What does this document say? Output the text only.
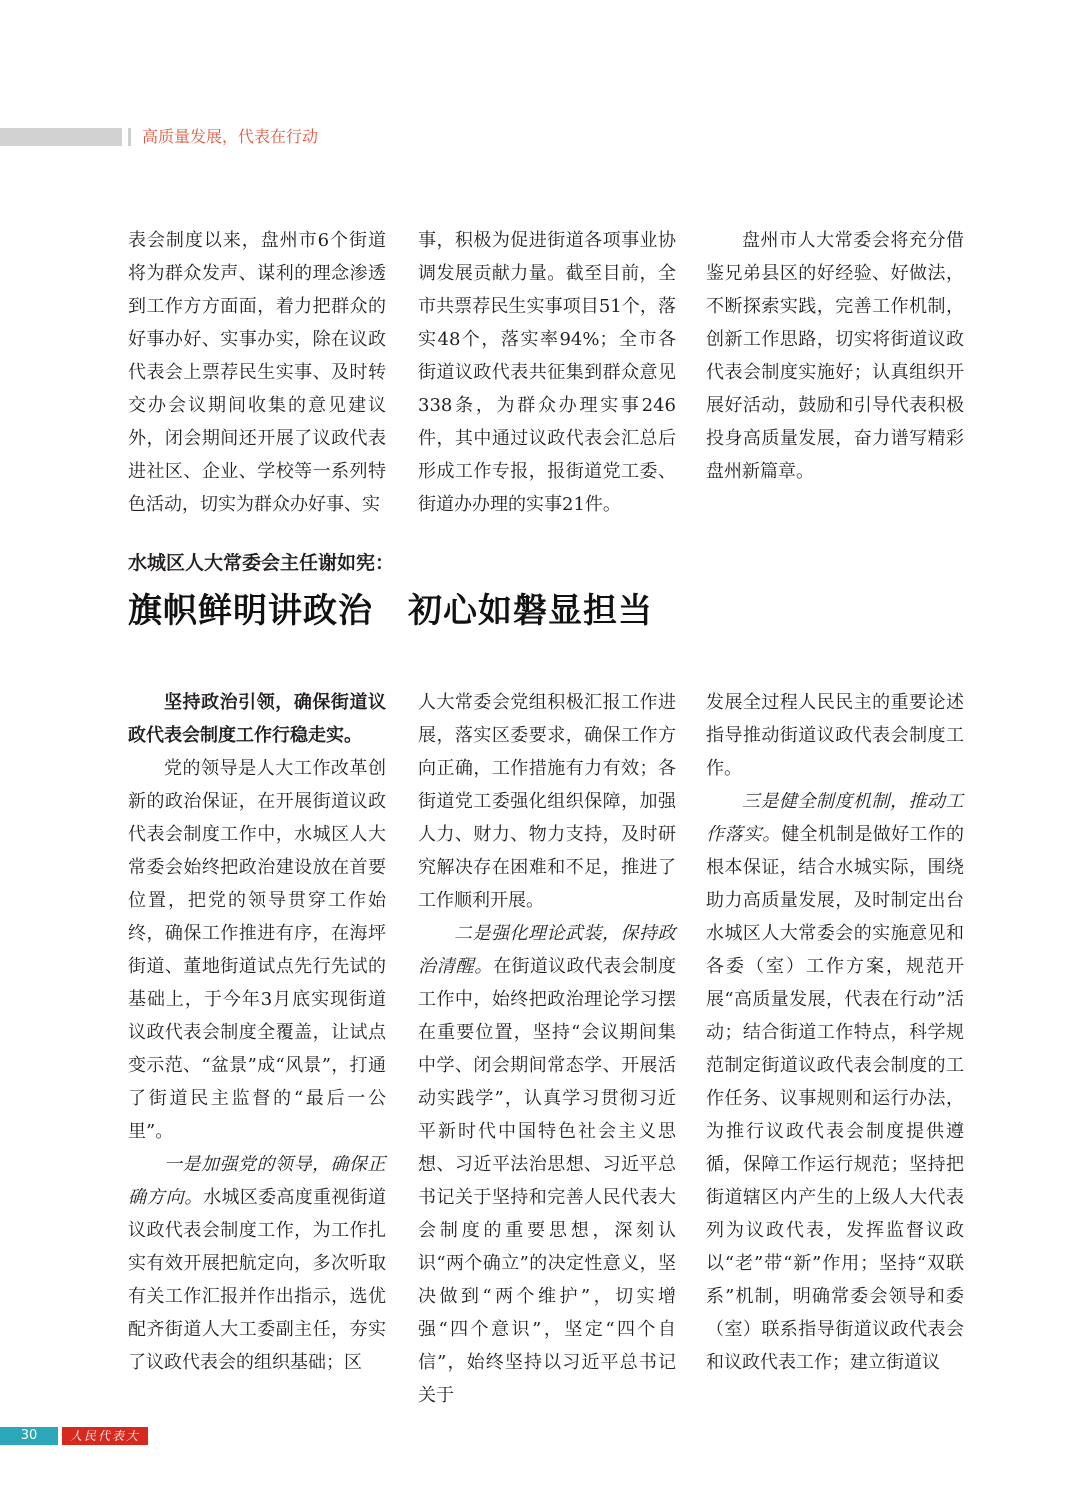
高质量发展，代表在行动

表会制度以来，盘州市6个街道将为群众发声、谋利的理念渗透到工作方方面面，着力把群众的好事办好、实事办实，除在议政代表会上票荐民生实事、及时转交办会议期间收集的意见建议外，闭会期间还开展了议政代表进社区、企业、学校等一系列特色活动，切实为群众办好事、实

事，积极为促进街道各项事业协调发展贡献力量。截至目前，全市共票荐民生实事项目51个，落实48个，落实率94%；全市各街道议政代表共征集到群众意见338条，为群众办理实事246件，其中通过议政代表会汇总后形成工作专报，报街道党工委、街道办办理的实事21件。

盘州市人大常委会将充分借鉴兄弟县区的好经验、好做法，不断探索实践，完善工作机制，创新工作思路，切实将街道议政代表会制度实施好；认真组织开展好活动，鼓励和引导代表积极投身高质量发展，奋力谱写精彩盘州新篇章。

水城区人大常委会主任谢如宪：
旗帜鲜明讲政治　初心如磐显担当

坚持政治引领，确保街道议政代表会制度工作行稳走实。

党的领导是人大工作改革创新的政治保证，在开展街道议政代表会制度工作中，水城区人大常委会始终把政治建设放在首要位置，把党的领导贯穿工作始终，确保工作推进有序，在海坪街道、董地街道试点先行先试的基础上，于今年3月底实现街道议政代表会制度全覆盖，让试点变示范、“盆景”成“风景”，打通了街道民主监督的“最后一公里”。

一是加强党的领导，确保正确方向。水城区委高度重视街道议政代表会制度工作，为工作扎实有效开展把航定向，多次听取有关工作汇报并作出指示，选优配齐街道人大工委副主任，夯实了议政代表会的组织基础；区

人大常委会党组积极汇报工作进展，落实区委要求，确保工作方向正确，工作措施有力有效；各街道党工委强化组织保障，加强人力、财力、物力支持，及时研究解决存在困难和不足，推进了工作顺利开展。

二是强化理论武装，保持政治清醒。在街道议政代表会制度工作中，始终把政治理论学习摆在重要位置，坚持“会议期间集中学、闭会期间常态学、开展活动实践学”，认真学习贯彻习近平新时代中国特色社会主义思想、习近平法治思想、习近平总书记关于坚持和完善人民代表大会制度的重要思想，深刻认识“两个确立”的决定性意义，坚决做到“两个维护”，切实增强“四个意识”，坚定“四个自信”，始终坚持以习近平总书记关于

发展全过程人民民主的重要论述指导推动街道议政代表会制度工作。

三是健全制度机制，推动工作落实。健全机制是做好工作的根本保证，结合水城实际，围绕助力高质量发展，及时制定出台水城区人大常委会的实施意见和各委（室）工作方案，规范开展“高质量发展，代表在行动”活动；结合街道工作特点，科学规范制定街道议政代表会制度的工作任务、议事规则和运行办法，为推行议政代表会制度提供遵循，保障工作运行规范；坚持把街道辖区内产生的上级人大代表列为议政代表，发挥监督议政以“老”带“新”作用；坚持“双联系”机制，明确常委会领导和委（室）联系指导街道议政代表会和议政代表工作；建立街道议

30	人民代表大
